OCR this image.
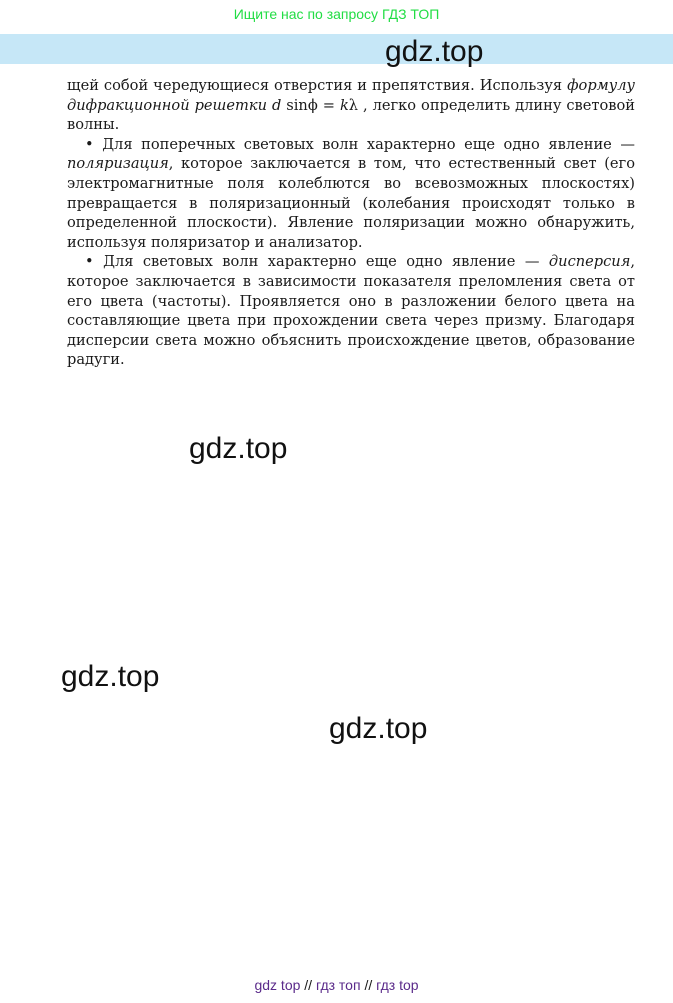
Ищите нас по запросу ГДЗ ТОП
gdz.top

щей собой чередующиеся отверстия и препятствия. Используя формулу дифракционной решетки d sinϕ = kλ , легко определить длину световой волны.

• Для поперечных световых волн характерно еще одно явление — поляризация, которое заключается в том, что естественный свет (его электромагнитные поля колеблются во всевозможных плоскостях) превращается в поляризационный (колебания происходят только в определенной плоскости). Явление поляризации можно обнаружить, используя поляризатор и анализатор.

• Для световых волн характерно еще одно явление — дисперсия, которое заключается в зависимости показателя преломления света от его цвета (частоты). Проявляется оно в разложении белого цвета на составляющие цвета при прохождении света через призму. Благодаря дисперсии света можно объяснить происхождение цветов, образование радуги.

gdz.top
gdz.top
gdz.top
gdz top // гдз топ // гдз top
